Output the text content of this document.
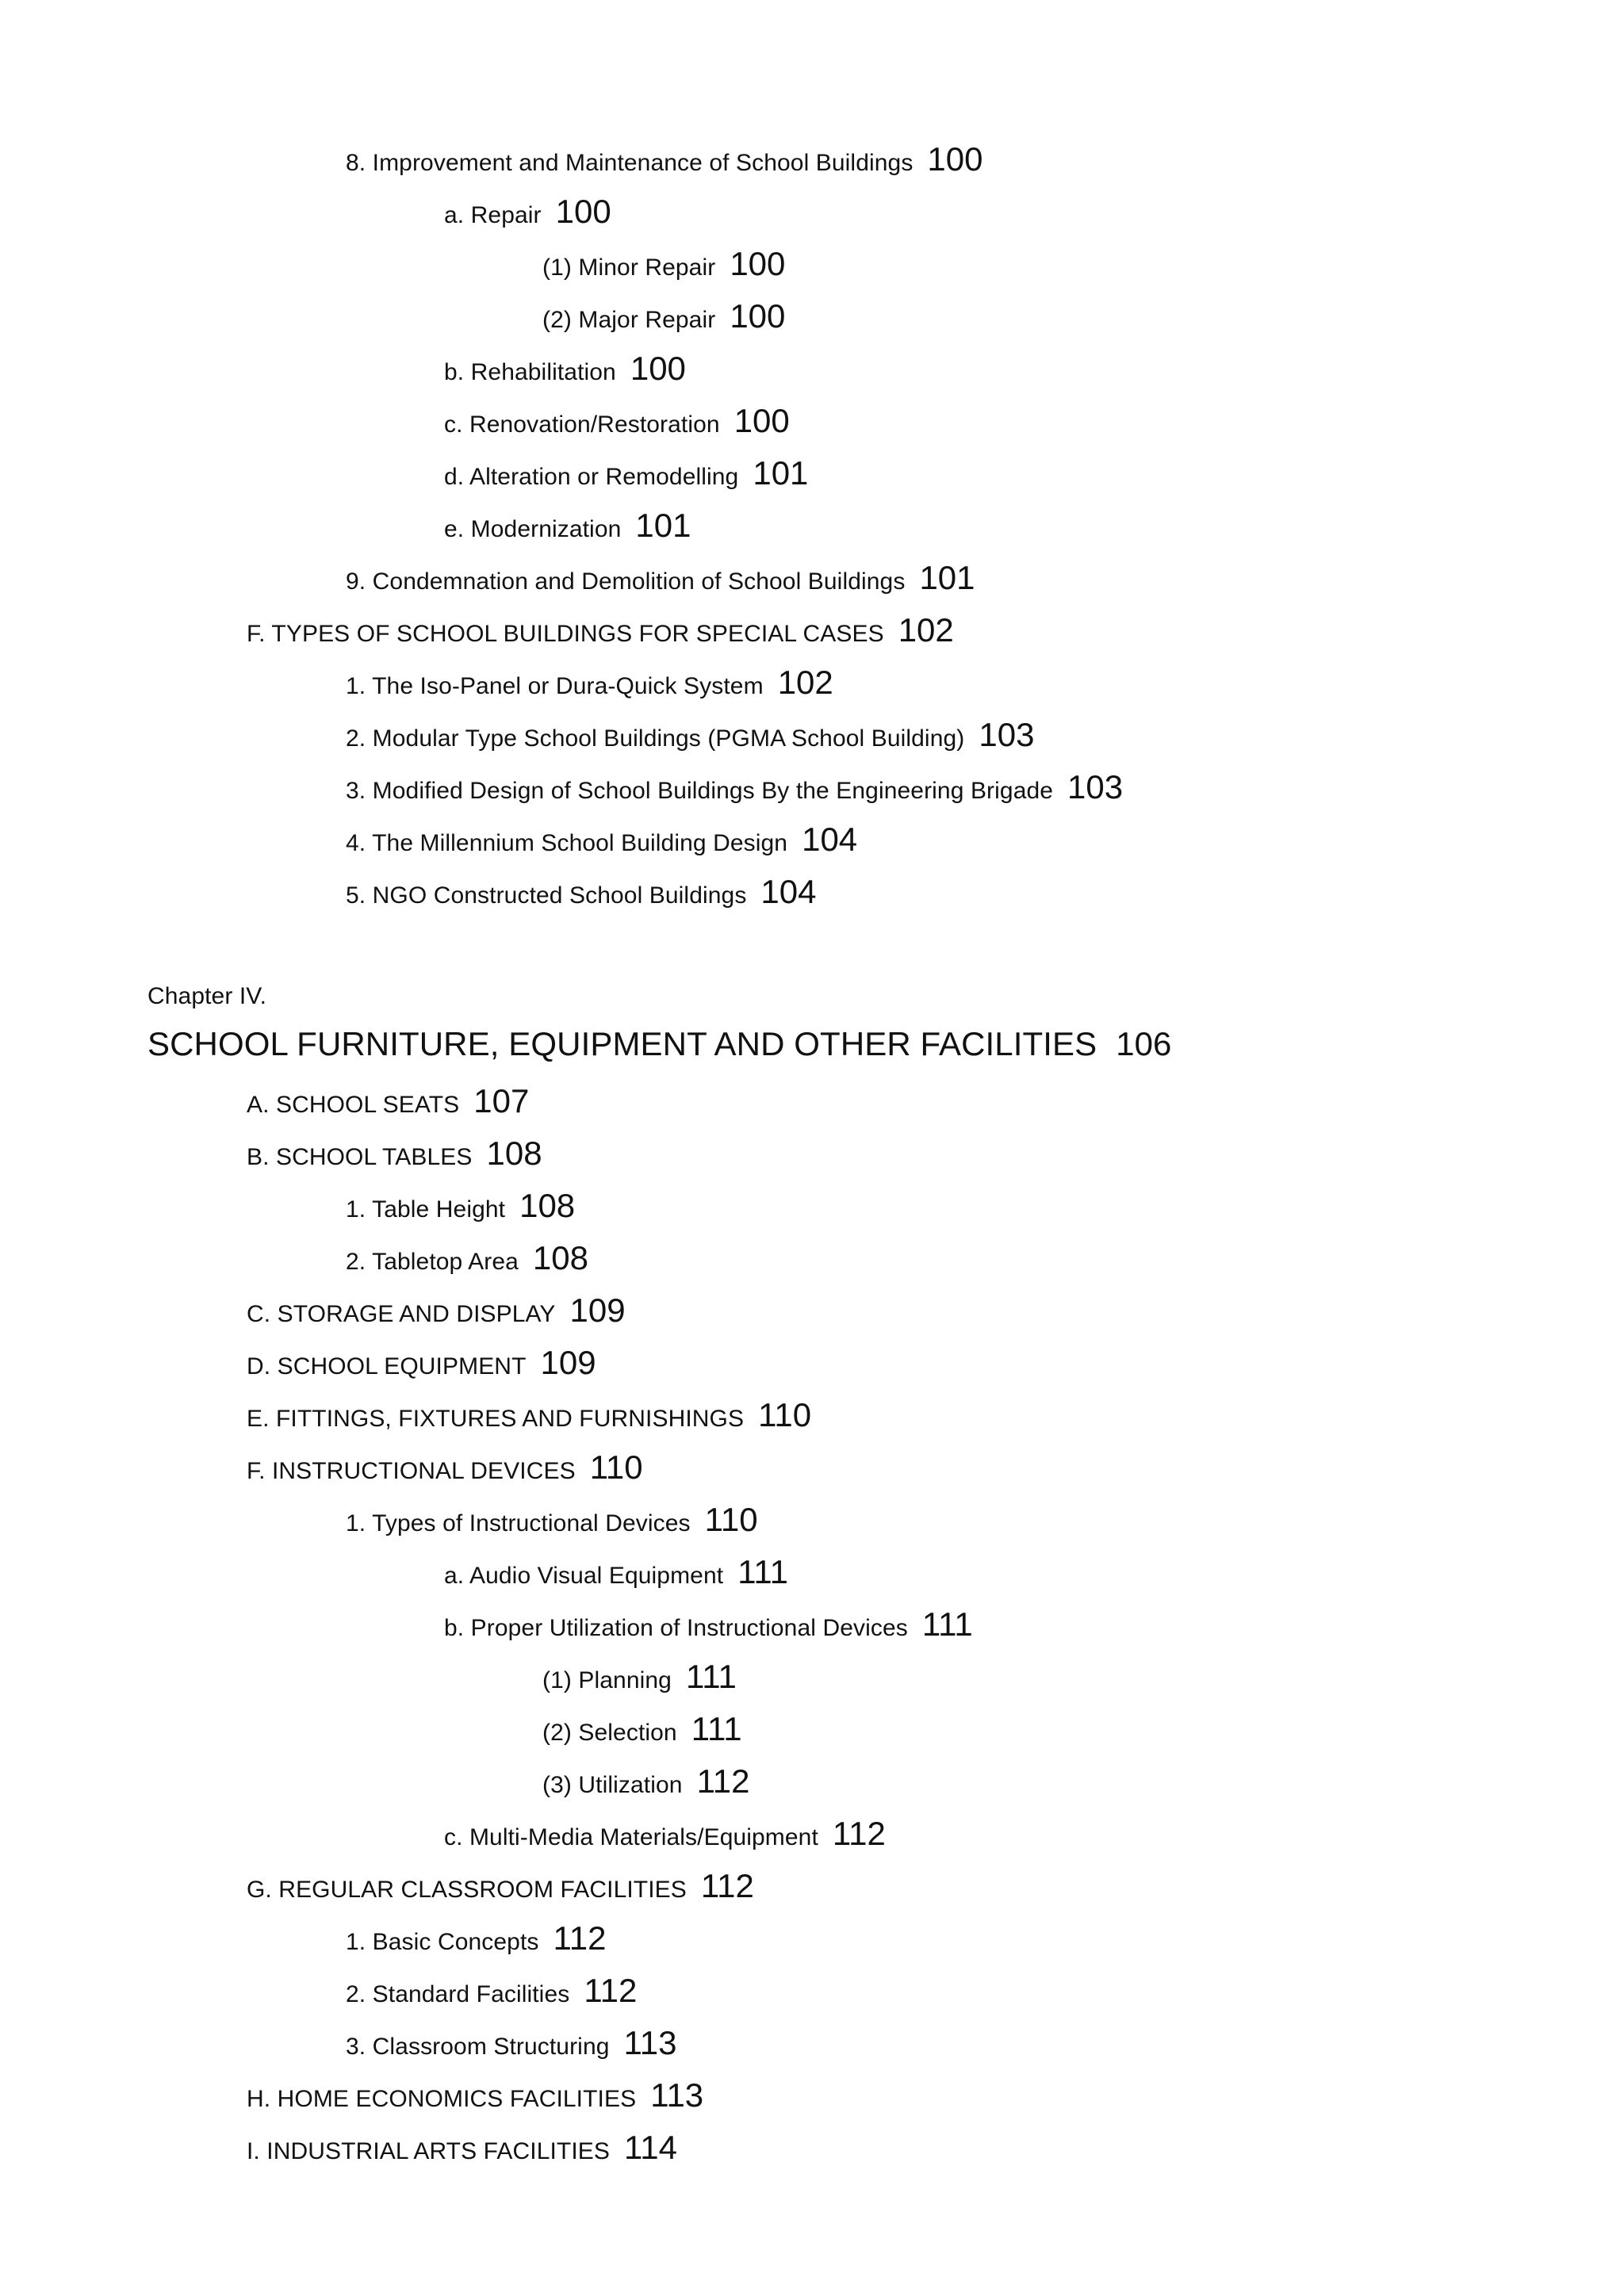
8. Improvement and Maintenance of School Buildings 100
a. Repair 100
(1) Minor Repair 100
(2) Major Repair 100
b. Rehabilitation 100
c. Renovation/Restoration 100
d. Alteration or Remodelling 101
e. Modernization 101
9. Condemnation and Demolition of School Buildings 101
F. TYPES OF SCHOOL BUILDINGS FOR SPECIAL CASES 102
1. The Iso-Panel or Dura-Quick System 102
2. Modular Type School Buildings (PGMA School Building) 103
3. Modified Design of School Buildings By the Engineering Brigade 103
4. The Millennium School Building Design 104
5. NGO Constructed School Buildings 104
Chapter IV.
SCHOOL FURNITURE, EQUIPMENT AND OTHER FACILITIES 106
A. SCHOOL SEATS 107
B. SCHOOL TABLES 108
1. Table Height 108
2. Tabletop Area 108
C. STORAGE AND DISPLAY 109
D. SCHOOL EQUIPMENT 109
E. FITTINGS, FIXTURES AND FURNISHINGS 110
F. INSTRUCTIONAL DEVICES 110
1. Types of Instructional Devices 110
a. Audio Visual Equipment 111
b. Proper Utilization of Instructional Devices 111
(1) Planning 111
(2) Selection 111
(3) Utilization 112
c. Multi-Media Materials/Equipment 112
G. REGULAR CLASSROOM FACILITIES 112
1. Basic Concepts 112
2. Standard Facilities 112
3. Classroom Structuring 113
H. HOME ECONOMICS FACILITIES 113
I. INDUSTRIAL ARTS FACILITIES 114
